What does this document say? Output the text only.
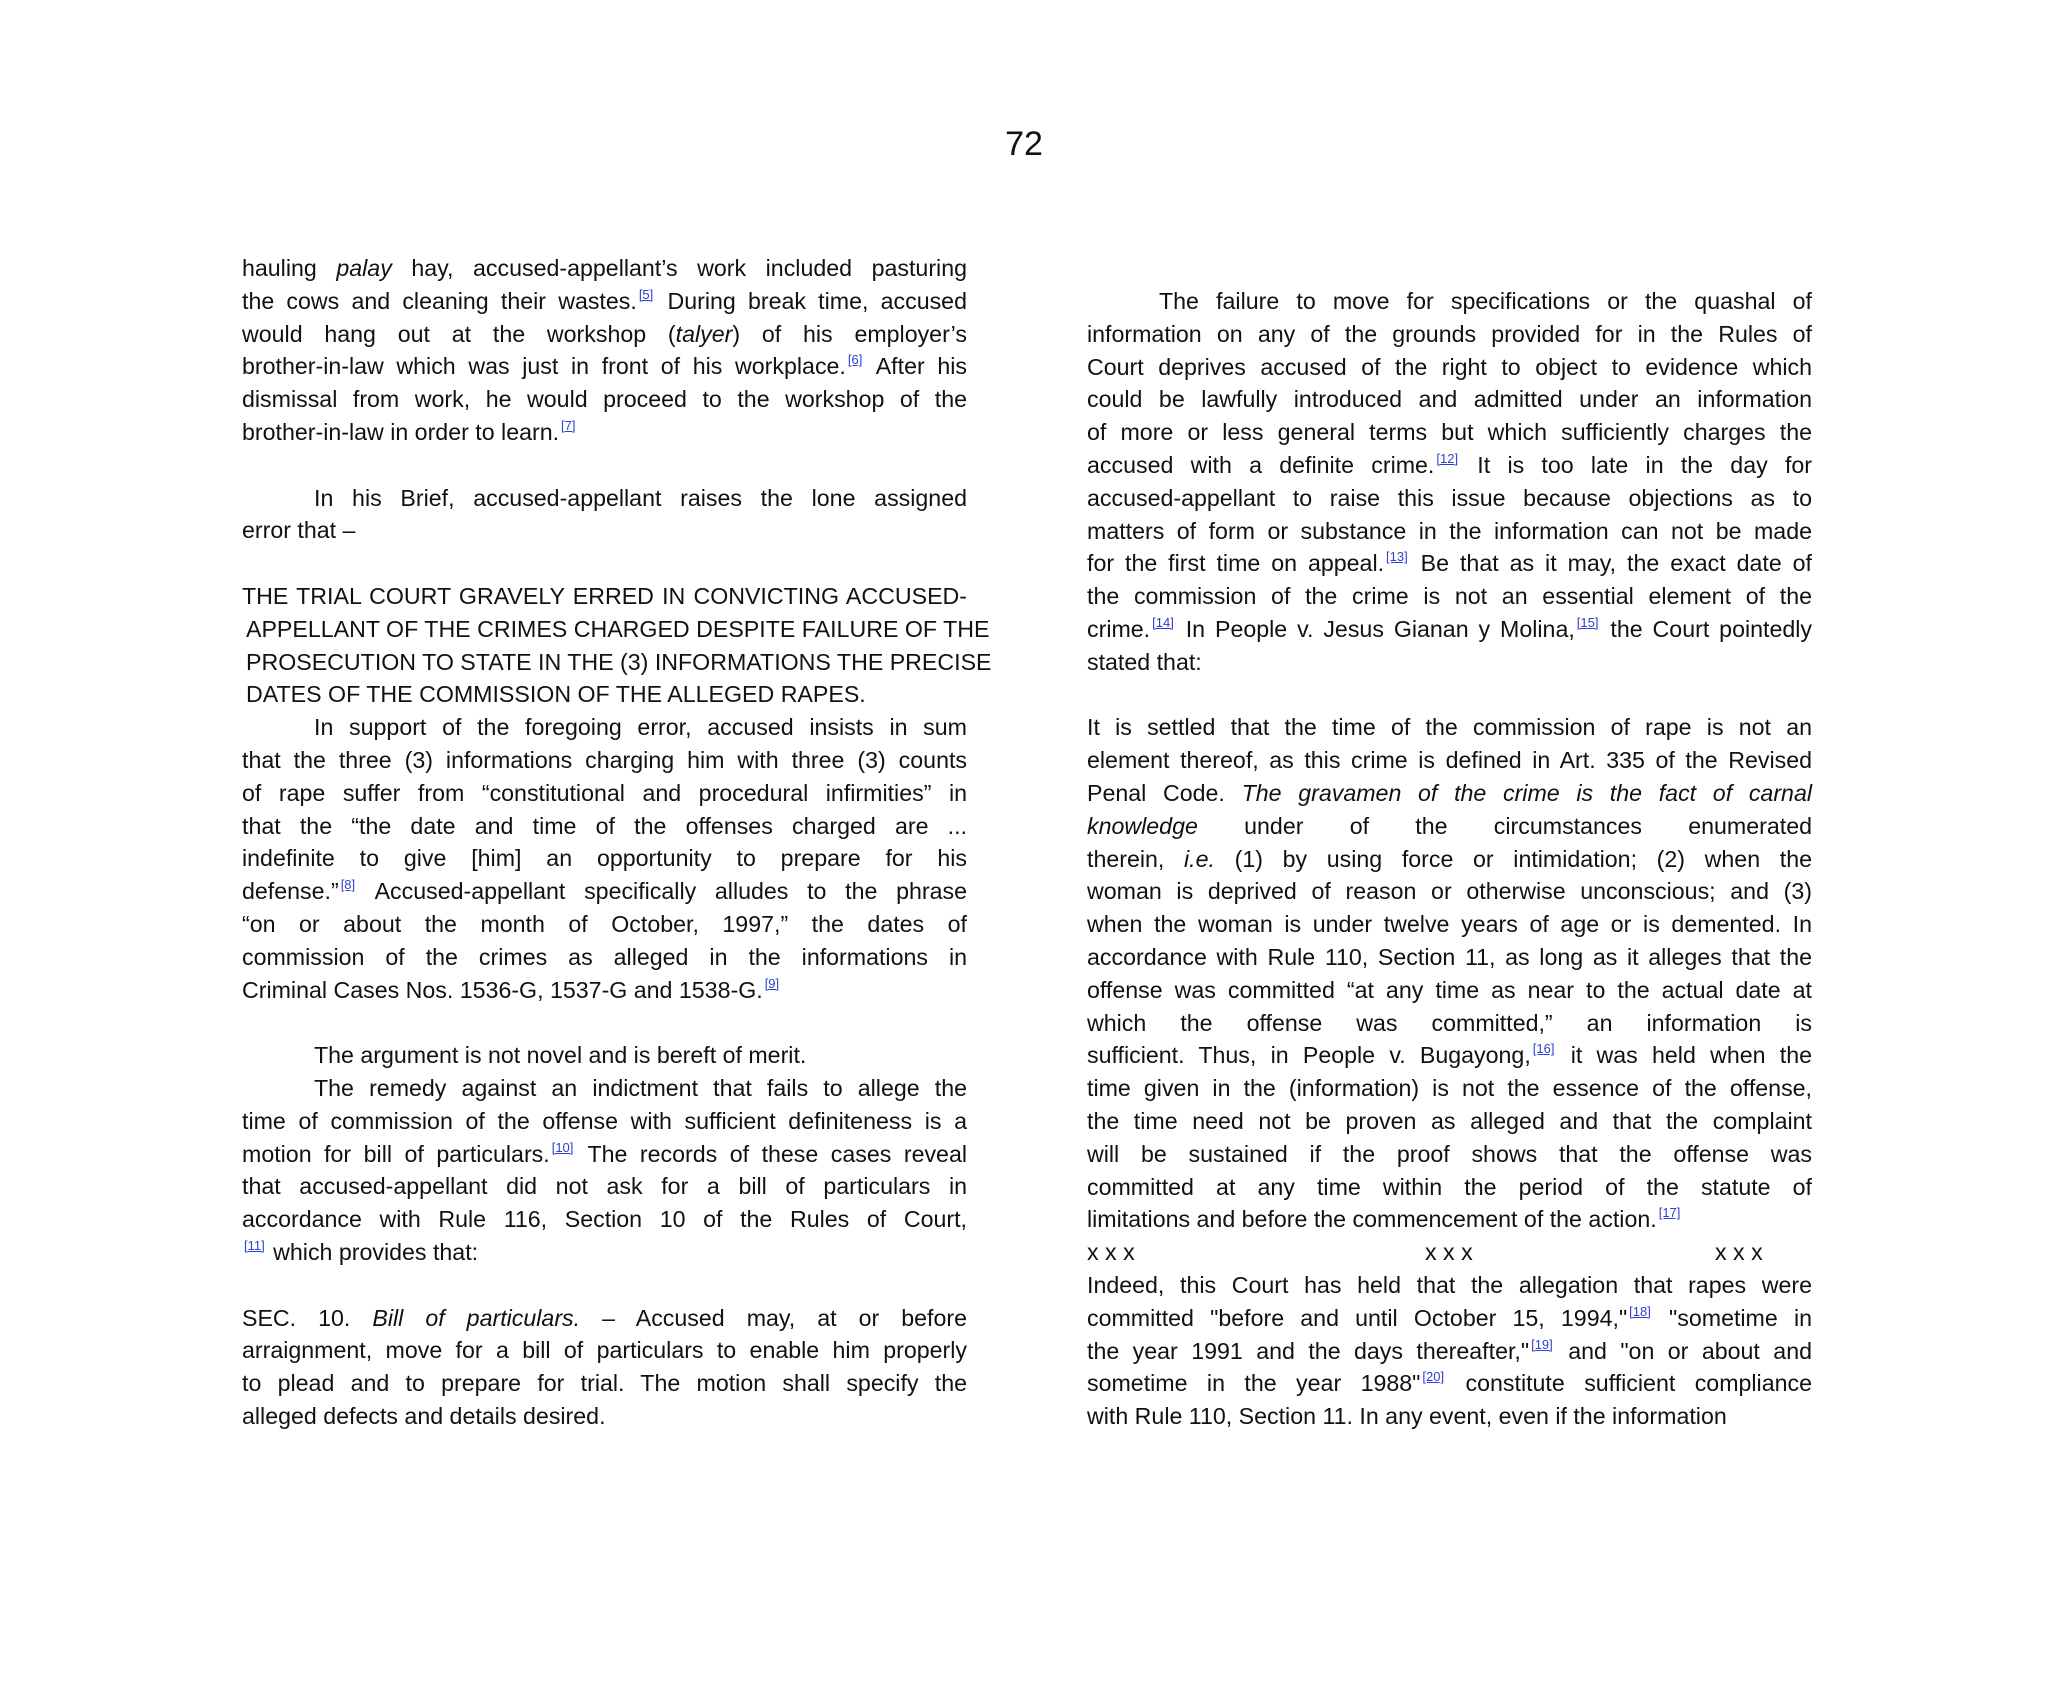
72
hauling palay hay, accused-appellant’s work included pasturing
the cows and cleaning their wastes. [5] During break time, accused
would hang out at the workshop (talyer) of his employer’s
brother-in-law which was just in front of his workplace. [6] After his
dismissal from work, he would proceed to the workshop of the
brother-in-law in order to learn. [7]
In his Brief, accused-appellant raises the lone assigned
error that –
THE TRIAL COURT GRAVELY ERRED IN CONVICTING ACCUSED-
APPELLANT OF THE CRIMES CHARGED DESPITE FAILURE OF THE
PROSECUTION TO STATE IN THE (3) INFORMATIONS THE PRECISE
DATES OF THE COMMISSION OF THE ALLEGED RAPES.
In support of the foregoing error, accused insists in sum
that the three (3) informations charging him with three (3) counts
of rape suffer from “constitutional and procedural infirmities” in
that the “the date and time of the offenses charged are ...
indefinite to give [him] an opportunity to prepare for his
defense.” [8] Accused-appellant specifically alludes to the phrase
“on or about the month of October, 1997,” the dates of
commission of the crimes as alleged in the informations in
Criminal Cases Nos. 1536-G, 1537-G and 1538-G. [9]
The argument is not novel and is bereft of merit.
The remedy against an indictment that fails to allege the
time of commission of the offense with sufficient definiteness is a
motion for bill of particulars. [10] The records of these cases reveal
that accused-appellant did not ask for a bill of particulars in
accordance with Rule 116, Section 10 of the Rules of Court,
[11] which provides that:
SEC. 10. Bill of particulars. – Accused may, at or before
arraignment, move for a bill of particulars to enable him properly
to plead and to prepare for trial. The motion shall specify the
alleged defects and details desired.
The failure to move for specifications or the quashal of
information on any of the grounds provided for in the Rules of
Court deprives accused of the right to object to evidence which
could be lawfully introduced and admitted under an information
of more or less general terms but which sufficiently charges the
accused with a definite crime. [12] It is too late in the day for
accused-appellant to raise this issue because objections as to
matters of form or substance in the information can not be made
for the first time on appeal. [13] Be that as it may, the exact date of
the commission of the crime is not an essential element of the
crime. [14] In People v. Jesus Gianan y Molina, [15] the Court pointedly
stated that:
It is settled that the time of the commission of rape is not an
element thereof, as this crime is defined in Art. 335 of the Revised
Penal Code. The gravamen of the crime is the fact of carnal
knowledge under of the circumstances enumerated
therein, i.e. (1) by using force or intimidation; (2) when the
woman is deprived of reason or otherwise unconscious; and (3)
when the woman is under twelve years of age or is demented. In
accordance with Rule 110, Section 11, as long as it alleges that the
offense was committed “at any time as near to the actual date at
which the offense was committed,” an information is
sufficient. Thus, in People v. Bugayong, [16] it was held when the
time given in the (information) is not the essence of the offense,
the time need not be proven as alleged and that the complaint
will be sustained if the proof shows that the offense was
committed at any time within the period of the statute of
limitations and before the commencement of the action. [17]
x x x	x x x	x x x
Indeed, this Court has held that the allegation that rapes were
committed "before and until October 15, 1994," [18] "sometime in
the year 1991 and the days thereafter," [19] and "on or about and
sometime in the year 1988" [20] constitute sufficient compliance
with Rule 110, Section 11. In any event, even if the information
